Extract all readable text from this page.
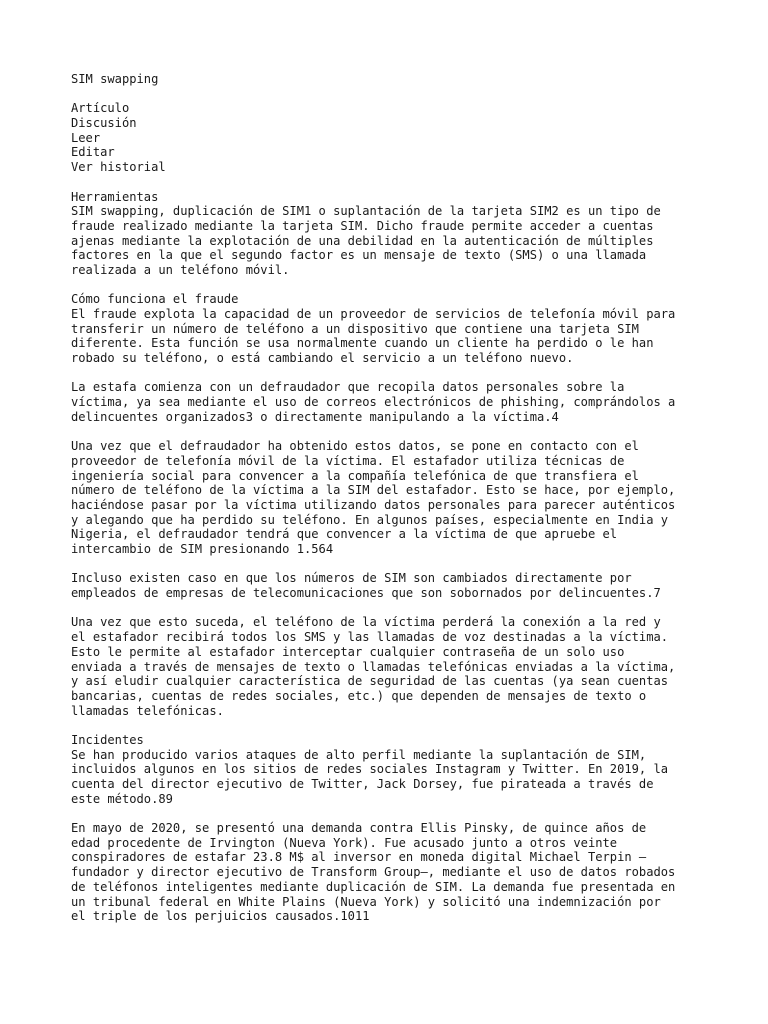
SIM swapping
Artículo
Discusión
Leer
Editar
Ver historial
Herramientas
SIM swapping, duplicación de SIM1 o suplantación de la tarjeta SIM2 es un tipo de
fraude realizado mediante la tarjeta SIM. Dicho fraude permite acceder a cuentas
ajenas mediante la explotación de una debilidad en la autenticación de múltiples
factores en la que el segundo factor es un mensaje de texto (SMS) o una llamada
realizada a un teléfono móvil.
Cómo funciona el fraude
El fraude explota la capacidad de un proveedor de servicios de telefonía móvil para
transferir un número de teléfono a un dispositivo que contiene una tarjeta SIM
diferente. Esta función se usa normalmente cuando un cliente ha perdido o le han
robado su teléfono, o está cambiando el servicio a un teléfono nuevo.
La estafa comienza con un defraudador que recopila datos personales sobre la
víctima, ya sea mediante el uso de correos electrónicos de phishing, comprándolos a
delincuentes organizados3 o directamente manipulando a la víctima.4
Una vez que el defraudador ha obtenido estos datos, se pone en contacto con el
proveedor de telefonía móvil de la víctima. El estafador utiliza técnicas de
ingeniería social para convencer a la compañía telefónica de que transfiera el
número de teléfono de la víctima a la SIM del estafador. Esto se hace, por ejemplo,
haciéndose pasar por la víctima utilizando datos personales para parecer auténticos
y alegando que ha perdido su teléfono. En algunos países, especialmente en India y
Nigeria, el defraudador tendrá que convencer a la víctima de que apruebe el
intercambio de SIM presionando 1.564
Incluso existen caso en que los números de SIM son cambiados directamente por
empleados de empresas de telecomunicaciones que son sobornados por delincuentes.7
Una vez que esto suceda, el teléfono de la víctima perderá la conexión a la red y
el estafador recibirá todos los SMS y las llamadas de voz destinadas a la víctima.
Esto le permite al estafador interceptar cualquier contraseña de un solo uso
enviada a través de mensajes de texto o llamadas telefónicas enviadas a la víctima,
y así eludir cualquier característica de seguridad de las cuentas (ya sean cuentas
bancarias, cuentas de redes sociales, etc.) que dependen de mensajes de texto o
llamadas telefónicas.
Incidentes
Se han producido varios ataques de alto perfil mediante la suplantación de SIM,
incluidos algunos en los sitios de redes sociales Instagram y Twitter. En 2019, la
cuenta del director ejecutivo de Twitter, Jack Dorsey, fue pirateada a través de
este método.89
En mayo de 2020, se presentó una demanda contra Ellis Pinsky, de quince años de
edad procedente de Irvington (Nueva York). Fue acusado junto a otros veinte
conspiradores de estafar 23.8 M$ al inversor en moneda digital Michael Terpin —
fundador y director ejecutivo de Transform Group—, mediante el uso de datos robados
de teléfonos inteligentes mediante duplicación de SIM. La demanda fue presentada en
un tribunal federal en White Plains (Nueva York) y solicitó una indemnización por
el triple de los perjuicios causados.1011
